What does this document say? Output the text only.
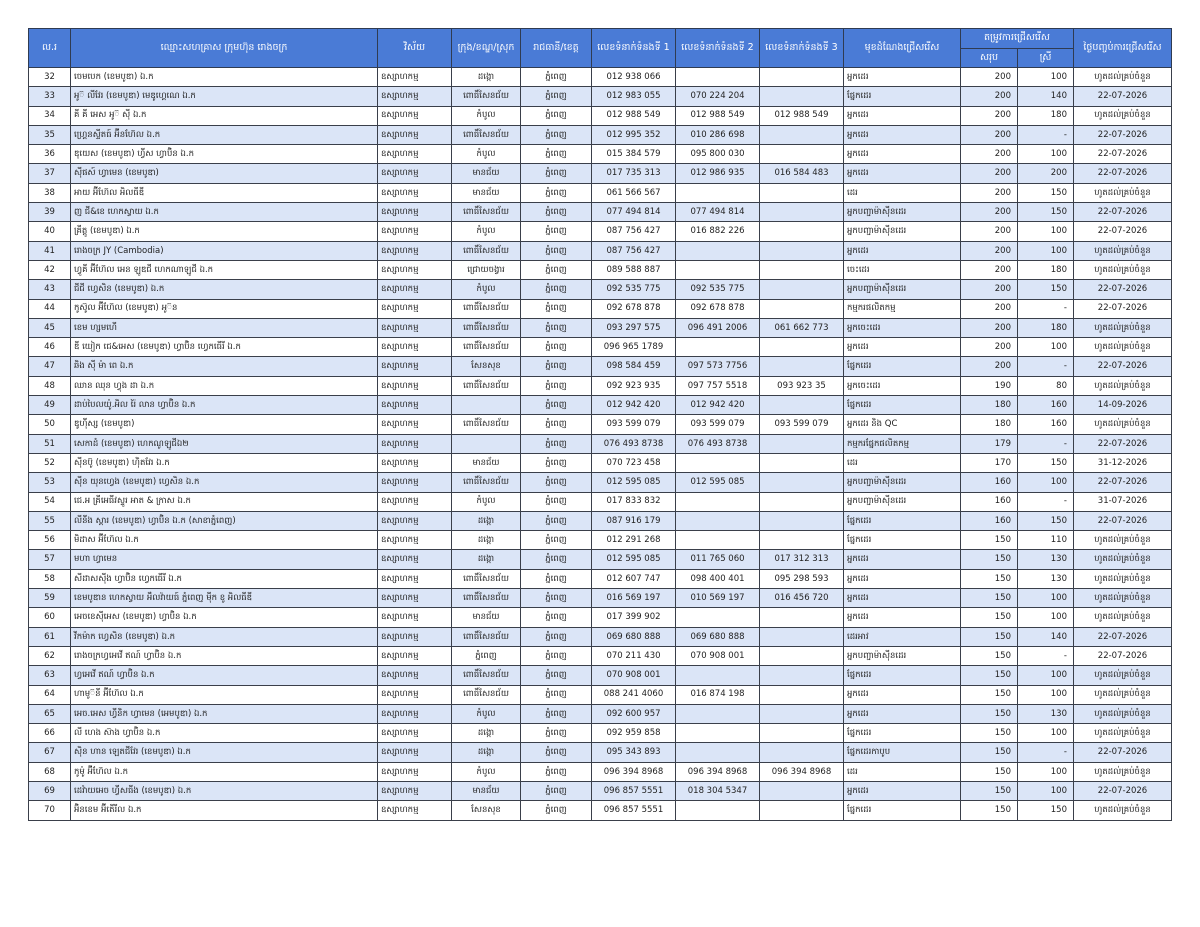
ល.រ	ឈ្មោះសហគ្រាស ក្រុមហ៊ុន រោងចក្រ	វិស័យ	ក្រុង/ខណ្ឌ/ស្រុក	រាជធានី/ខេត្ត	លេខទំនាក់ទំនងទី 1	លេខទំនាក់ទំនងទី 2	លេខទំនាក់ទំនងទី 3	មុខដំណែងជ្រើសរើស	តម្រូវការជ្រើសរើស		ថ្ងៃបញ្ចប់ការជ្រើសរើស
									សរុប	ស្រី	
32	ចេមបេក (ខេមបូឌា) ឯ.ក	ឧស្សាហកម្ម	ដង្កោ	ភ្នំពេញ	012 938 066			អ្នកដេរ	200	100	ហូតដល់គ្រប់ចំនួន
33	អូ៊ លីវែរ (ខេមបូឌា) មេឌូហ្គេណេ ឯ.ក	ឧស្សាហកម្ម	ពោធិ៍សែនជ័យ	ភ្នំពេញ	012 983 055	070 224 204		ផ្នែកដេរ	200	140	22-07-2026
34	គី គី អេស អូ៊ ស៊ី ឯ.ក	ឧស្សាហកម្ម	កំបូល	ភ្នំពេញ	012 988 549	012 988 549	012 988 549	អ្នកដេរ	200	180	ហូតដល់គ្រប់ចំនួន
35	ហ្គ្រេនស្ទីតធ៍ អ៊ីនហ៊ែល ឯ.ក	ឧស្សាហកម្ម	ពោធិ៍សែនជ័យ	ភ្នំពេញ	012 995 352	010 286 698		អ្នកដេរ	200	-	22-07-2026
36	ឌុយេស (ខេមបូឌា) ហ្វីស ហ្វាប៊ិន ឯ.ក	ឧស្សាហកម្ម	កំបូល	ភ្នំពេញ	015 384 579	095 800 030		អ្នកដេរ	200	100	22-07-2026
37	ស៊ីផស៍ ហ្វាមេន (ខេមបូឌា)	ឧស្សាហកម្ម	មានជ័យ	ភ្នំពេញ	017 735 313	012 986 935	016 584 483	អ្នកដេរ	200	200	22-07-2026
38	អាយ អ៊ីហ៊ែល អិលធីឌី	ឧស្សាហកម្ម	មានជ័យ	ភ្នំពេញ	061 566 567			ដេរ	200	150	ហូតដល់គ្រប់ចំនួន
39	ញ ជី&ខេ ហេកស្វាយ ឯ.ក	ឧស្សាហកម្ម	ពោធិ៍សែនជ័យ	ភ្នំពេញ	077 494 814	077 494 814		អ្នកបញ្ជាម៉ាស៊ីនដេរ	200	150	22-07-2026
40	គ្រីត្តូ (ខេមបូឌា) ឯ.ក	ឧស្សាហកម្ម	កំបូល	ភ្នំពេញ	087 756 427	016 882 226		អ្នកបញ្ជាម៉ាស៊ីនដេរ	200	100	22-07-2026
41	រោងចក្រ JY (Cambodia)	ឧស្សាហកម្ម	ពោធិ៍សែនជ័យ	ភ្នំពេញ	087 756 427			អ្នកដេរ	200	100	ហូតដល់គ្រប់ចំនួន
42	ហ្វូគី អ៊ីហ៊ែល អេន ឡូឌជី ហេកណាឡូជី ឯ.ក	ឧស្សាហកម្ម	ជ្រោយចង្វារ	ភ្នំពេញ	089 588 887			ចេះដេរ	200	180	ហូតដល់គ្រប់ចំនួន
43	ជីជី ហ្វេសិន (ខេមបូឌា) ឯ.ក	ឧស្សាហកម្ម	កំបូល	ភ្នំពេញ	092 535 775	092 535 775		អ្នកបញ្ជាម៉ាស៊ីនដេរ	200	150	22-07-2026
44	កូស៊ូល អ៊ីហ៊ែល (ខេមបូឌា) អូ៊ន	ឧស្សាហកម្ម	ពោធិ៍សែនជ័យ	ភ្នំពេញ	092 678 878	092 678 878		កម្មករផលិតកម្ម	200	-	22-07-2026
45	ខេម ហ្សមហើ	ឧស្សាហកម្ម	ពោធិ៍សែនជ័យ	ភ្នំពេញ	093 297 575	096 491 2006	061 662 773	អ្នកចេះដេរ	200	180	ហូតដល់គ្រប់ចំនួន
46	ឌី យៀក ជេ&អេស (ខេមបូឌា) ហ្វាប៊ិន ហ្វេកធើរី ឯ.ក	ឧស្សាហកម្ម	ពោធិ៍សែនជ័យ	ភ្នំពេញ	096 965 1789			អ្នកដេរ	200	100	ហូតដល់គ្រប់ចំនួន
47	ឆិង ស៊ី ម៉ា ពេ ឯ.ក	ឧស្សាហកម្ម	សែនសុខ	ភ្នំពេញ	098 584 459	097 573 7756		ផ្នែកដេរ	200	-	22-07-2026
48	ឈាន ឈុន ហ្វុង ដា ឯ.ក	ឧស្សាហកម្ម	ពោធិ៍សែនជ័យ	ភ្នំពេញ	092 923 935	097 757 5518	093 923 35	អ្នកចេះដេរ	190	80	ហូតដល់គ្រប់ចំនួន
49	ដាប់បៃលយ៉ូ.អិល រ៉ៃ លាន ហ្វាប៊ិន ឯ.ក	ឧស្សាហកម្ម		ភ្នំពេញ	012 942 420	012 942 420		ផ្នែកដេរ	180	160	14-09-2026
50	ឌូហ៊ីស្ស (ខេមបូឌា)	ឧស្សាហកម្ម	ពោធិ៍សែនជ័យ	ភ្នំពេញ	093 599 079	093 599 079	093 599 079	អ្នកដេរ និង QC	180	160	ហូតដល់គ្រប់ចំនួន
51	សេកាដំ (ខេមបូឌា) ហេកណូឡូជីឯ២	ឧស្សាហកម្ម		ភ្នំពេញ	076 493 8738	076 493 8738		កម្មករផ្នែកផលិតកម្ម	179	-	22-07-2026
52	ស៊ីនប៊ូ (ខេមបូឌា) ហ៊ិតវែរ ឯ.ក	ឧស្សាហកម្ម	មានជ័យ	ភ្នំពេញ	070 723 458			ដេរ	170	150	31-12-2026
53	ស៊ីន យុនហ្វេង (ខេមបូឌា) ហ្វេសិន ឯ.ក	ឧស្សាហកម្ម	ពោធិ៍សែនជ័យ	ភ្នំពេញ	012 595 085	012 595 085		អ្នកបញ្ជាម៉ាស៊ីនដេរ	160	100	22-07-2026
54	ជេ.អ គ្រីអេធីវស្ទូរ អាត & ក្រាស ឯ.ក	ឧស្សាហកម្ម	កំបូល	ភ្នំពេញ	017 833 832			អ្នកបញ្ជាម៉ាស៊ីនដេរ	160	-	31-07-2026
55	លីនីង ស្តារ (ខេមបូឌា) ហ្វាប៊ិន ឯ.ក (សាខាភ្នំពេញ)	ឧស្សាហកម្ម	ដង្កោ	ភ្នំពេញ	087 916 179			ផ្នែកដេរ	160	150	22-07-2026
56	មិដាស អ៊ីហ៊ែល ឯ.ក	ឧស្សាហកម្ម	ដង្កោ	ភ្នំពេញ	012 291 268			ផ្នែកដេរ	150	110	ហូតដល់គ្រប់ចំនួន
57	មហា ហ្វាមេន	ឧស្សាហកម្ម	ដង្កោ	ភ្នំពេញ	012 595 085	011 765 060	017 312 313	អ្នកដេរ	150	130	ហូតដល់គ្រប់ចំនួន
58	សីដាសស៊ីង ហ្វាប៊ិន ហ្វេកធើរី ឯ.ក	ឧស្សាហកម្ម	ពោធិ៍សែនជ័យ	ភ្នំពេញ	012 607 747	098 400 401	095 298 593	អ្នកដេរ	150	130	ហូតដល់គ្រប់ចំនួន
59	ខេមបូឌាន ហេកស្វាយ អឹលវ៉ាយធ៍ ភ្នំពេញ ម៉ីក ខូ អិលធីឌី	ឧស្សាហកម្ម	ពោធិ៍សែនជ័យ	ភ្នំពេញ	016 569 197	010 569 197	016 456 720	អ្នកដេរ	150	100	ហូតដល់គ្រប់ចំនួន
60	អេចខេស៊ីអេស (ខេមបូឌា) ហ្វាប៊ិន ឯ.ក	ឧស្សាហកម្ម	មានជ័យ	ភ្នំពេញ	017 399 902			អ្នកដេរ	150	100	ហូតដល់គ្រប់ចំនួន
61	វីកម៉ាក ហ្វេសិន (ខេមបូឌា) ឯ.ក	ឧស្សាហកម្ម	ពោធិ៍សែនជ័យ	ភ្នំពេញ	069 680 888	069 680 888		ដេរអាវ	150	140	22-07-2026
62	រោងចក្រហ្វអេវើ ឥណ៍ ហ្វាប៊ិន ឯ.ក	ឧស្សាហកម្ម	ភ្នំពេញ	ភ្នំពេញ	070 211 430	070 908 001		អ្នកបញ្ជាម៉ាស៊ីនដេរ	150	-	22-07-2026
63	ហ្វអេវើ ឥណ៍ ហ្វាប៊ិន ឯ.ក	ឧស្សាហកម្ម	ពោធិ៍សែនជ័យ	ភ្នំពេញ	070 908 001			ផ្នែកដេរ	150	100	ហូតដល់គ្រប់ចំនួន
64	ហាមូ៊នី អ៊ីហ៊ែល ឯ.ក	ឧស្សាហកម្ម	ពោធិ៍សែនជ័យ	ភ្នំពេញ	088 241 4060	016 874 198		អ្នកដេរ	150	100	ហូតដល់គ្រប់ចំនួន
65	អេច.អេស ហ្វីនិក ហ្វាមេន (អេមបូឌា) ឯ.ក	ឧស្សាហកម្ម	កំបូល	ភ្នំពេញ	092 600 957			អ្នកដេរ	150	130	ហូតដល់គ្រប់ចំនួន
66	លី ហេង ស៊ាង ហ្វាប៊ិន ឯ.ក	ឧស្សាហកម្ម	ដង្កោ	ភ្នំពេញ	092 959 858			ផ្នែកដេរ	150	100	ហូតដល់គ្រប់ចំនួន
67	ស៊ិន ហាន ឡេតជីវែរ (ខេមបូឌា) ឯ.ក	ឧស្សាហកម្ម	ដង្កោ	ភ្នំពេញ	095 343 893			ផ្នែកដេរកាបូប	150	-	22-07-2026
68	កូម៉ូ អ៊ីហ៊ែល ឯ.ក	ឧស្សាហកម្ម	កំបូល	ភ្នំពេញ	096 394 8968	096 394 8968	096 394 8968	ដេរ	150	100	ហូតដល់គ្រប់ចំនួន
69	ដេវ៉ាយអេច ហ្វីសធីង (ខេមបូឌា) ឯ.ក	ឧស្សាហកម្ម	មានជ័យ	ភ្នំពេញ	096 857 5551	018 304 5347		អ្នកដេរ	150	100	22-07-2026
70	អ៊ិនខេម អ៊ីតើរីល ឯ.ក	ឧស្សាហកម្ម	សែនសុខ	ភ្នំពេញ	096 857 5551			ផ្នែកដេរ	150	150	ហូតដល់គ្រប់ចំនួន
